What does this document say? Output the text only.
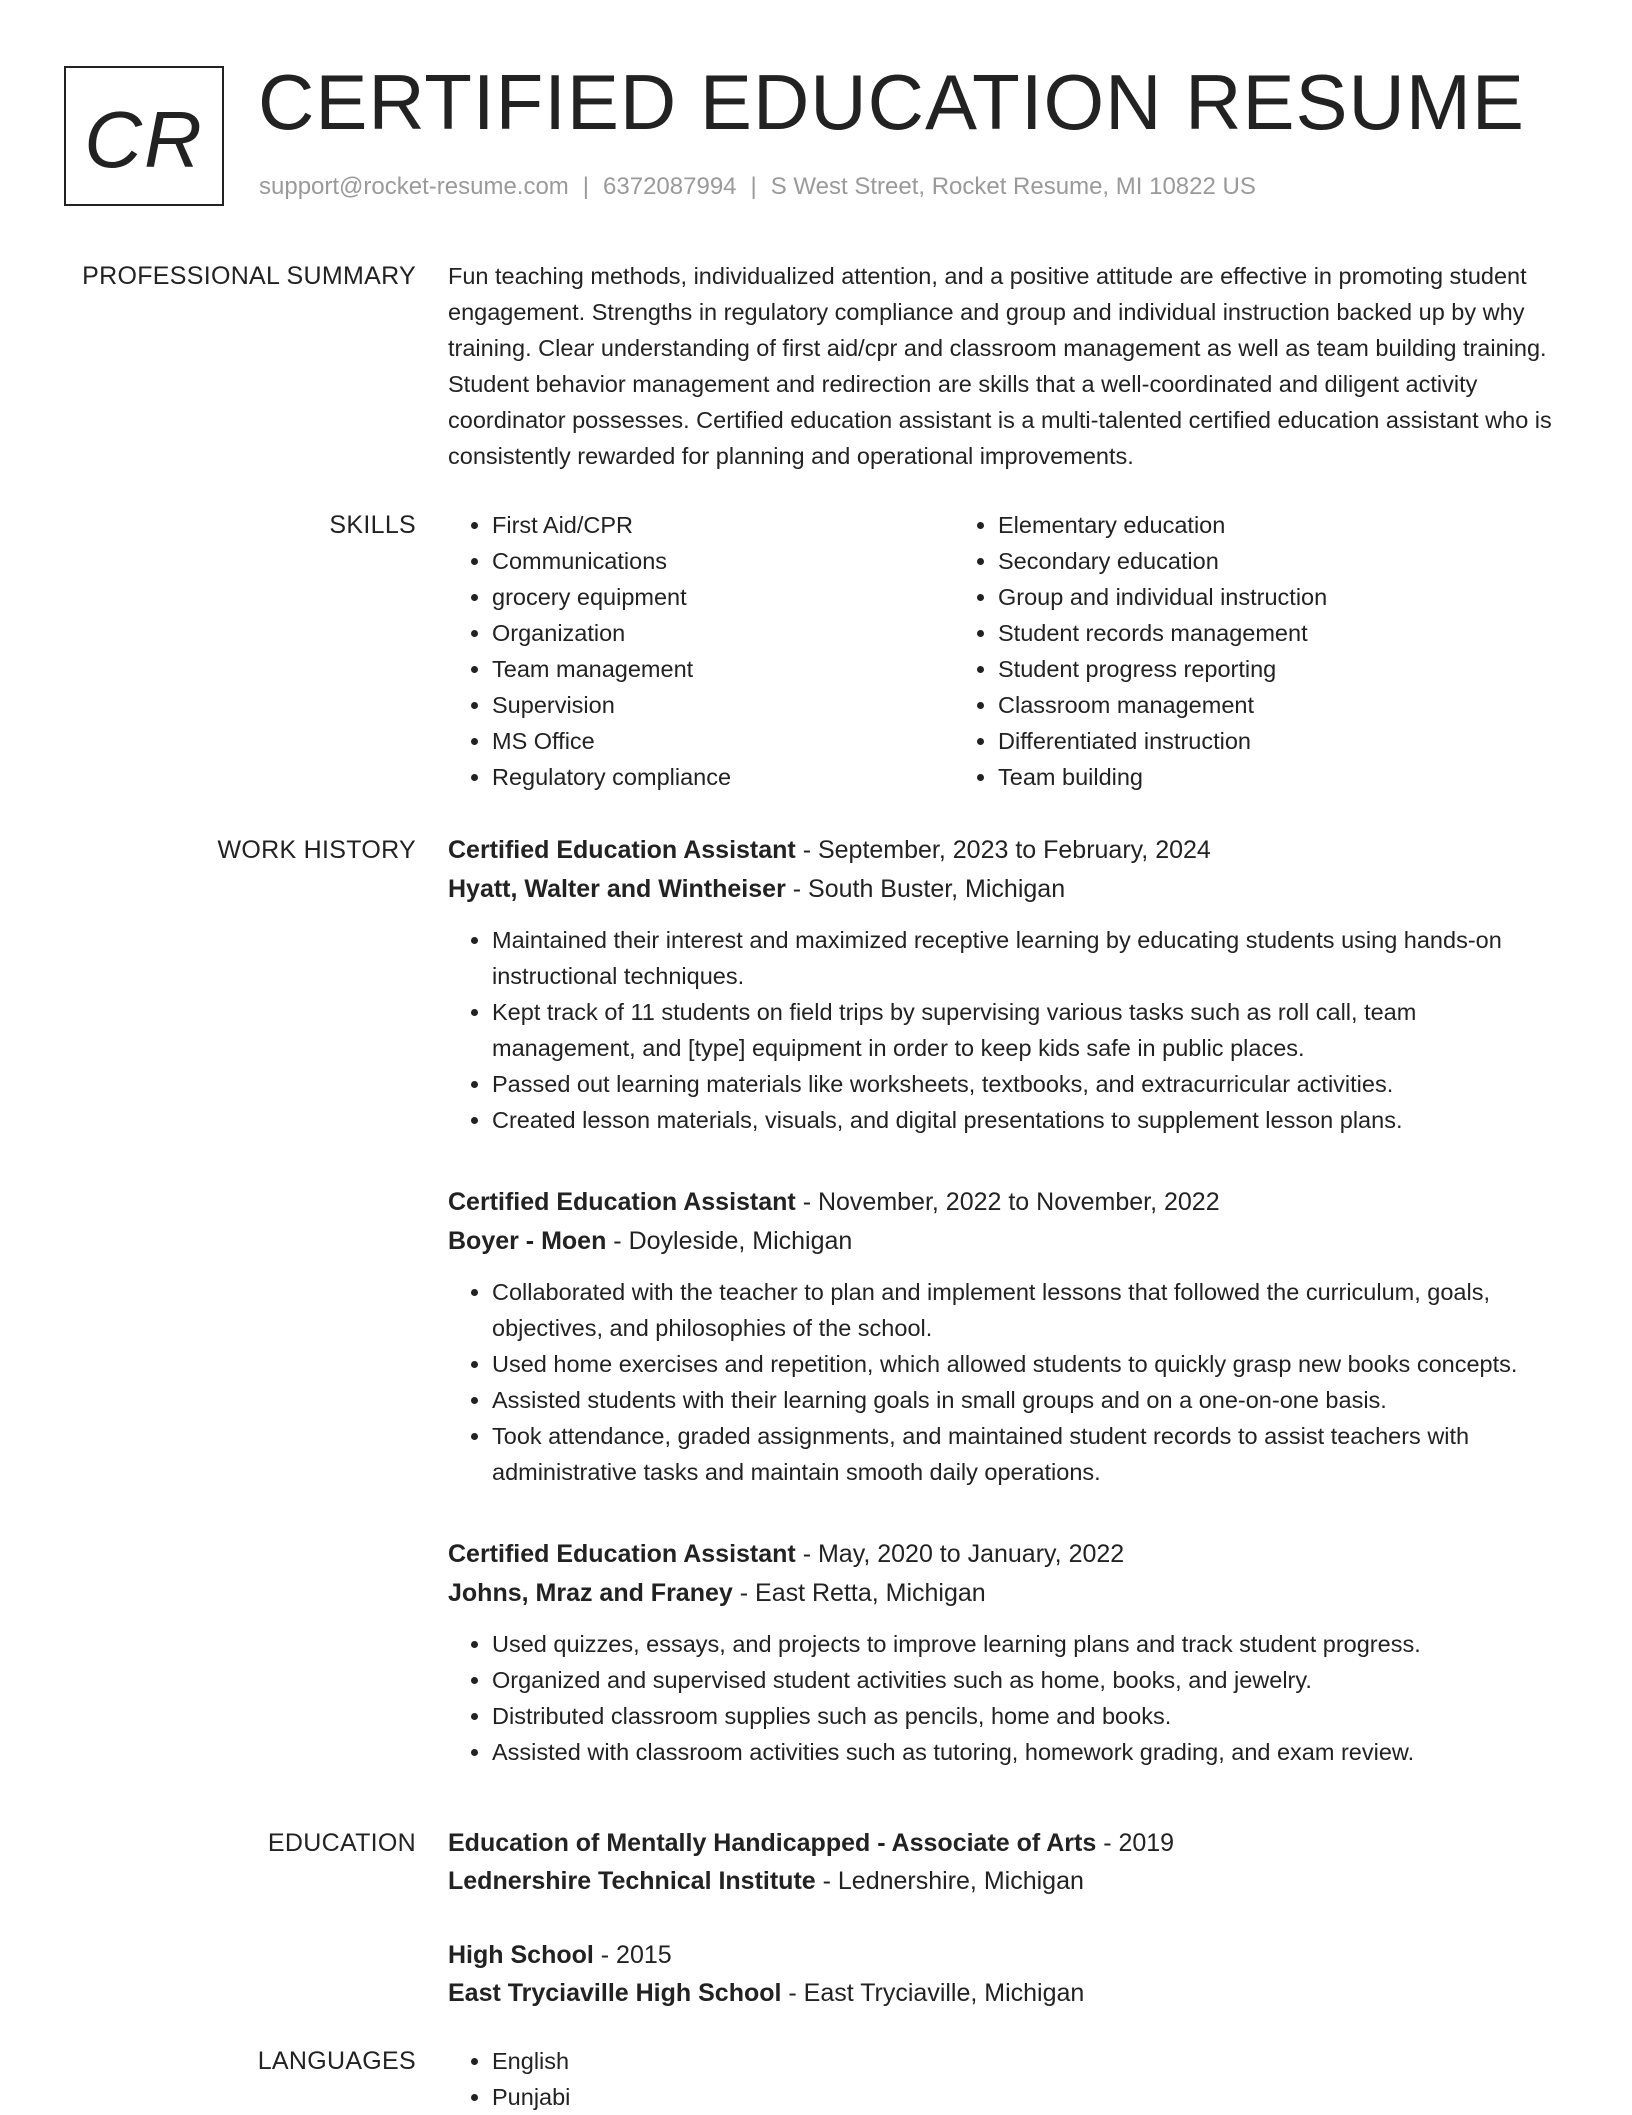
CR CERTIFIED EDUCATION RESUME
support@rocket-resume.com | 6372087994 | S West Street, Rocket Resume, MI 10822 US
PROFESSIONAL SUMMARY Fun teaching methods, individualized attention, and a positive attitude are effective in promoting student engagement. Strengths in regulatory compliance and group and individual instruction backed up by why training. Clear understanding of first aid/cpr and classroom management as well as team building training. Student behavior management and redirection are skills that a well-coordinated and diligent activity coordinator possesses. Certified education assistant is a multi-talented certified education assistant who is consistently rewarded for planning and operational improvements.

SKILLS	• First Aid/CPR
• Communications
• grocery equipment
• Organization
• Team management
• Supervision
• MS Office
• Regulatory compliance
• Elementary education
• Secondary education
• Group and individual instruction
• Student records management
• Student progress reporting
• Classroom management
• Differentiated instruction
• Team building
WORK HISTORY Certified Education Assistant - September, 2023 to February, 2024
Hyatt, Walter and Wintheiser - South Buster, Michigan
• Maintained their interest and maximized receptive learning by educating students using hands-on instructional techniques.
• Kept track of 11 students on field trips by supervising various tasks such as roll call, team management, and [type] equipment in order to keep kids safe in public places.
• Passed out learning materials like worksheets, textbooks, and extracurricular activities.
• Created lesson materials, visuals, and digital presentations to supplement lesson plans.
Certified Education Assistant - November, 2022 to November, 2022
Boyer - Moen - Doyleside, Michigan
• Collaborated with the teacher to plan and implement lessons that followed the curriculum, goals, objectives, and philosophies of the school.
• Used home exercises and repetition, which allowed students to quickly grasp new books concepts.
• Assisted students with their learning goals in small groups and on a one-on-one basis.
• Took attendance, graded assignments, and maintained student records to assist teachers with administrative tasks and maintain smooth daily operations.
Certified Education Assistant - May, 2020 to January, 2022
Johns, Mraz and Franey - East Retta, Michigan
• Used quizzes, essays, and projects to improve learning plans and track student progress.
• Organized and supervised student activities such as home, books, and jewelry.
• Distributed classroom supplies such as pencils, home and books.
• Assisted with classroom activities such as tutoring, homework grading, and exam review.
EDUCATION Education of Mentally Handicapped - Associate of Arts - 2019
Lednershire Technical Institute - Lednershire, Michigan
High School - 2015
East Tryciaville High School - East Tryciaville, Michigan
LANGUAGES	• English
• Punjabi
